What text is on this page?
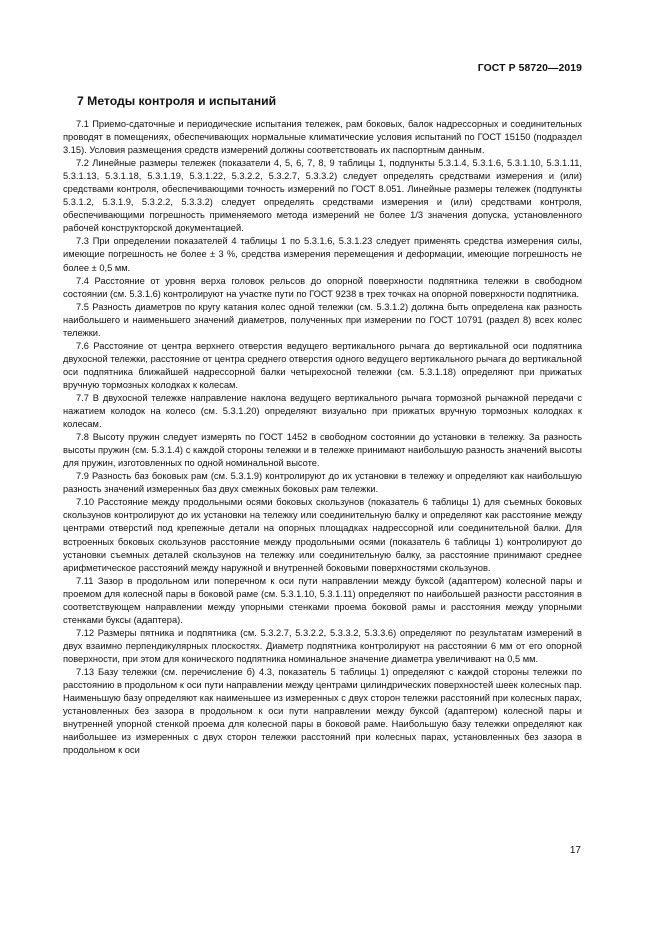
ГОСТ Р 58720—2019
7 Методы контроля и испытаний

7.1 Приемо-сдаточные и периодические испытания тележек, рам боковых, балок надрессорных и соединительных проводят в помещениях, обеспечивающих нормальные климатические условия испытаний по ГОСТ 15150 (подраздел 3.15). Условия размещения средств измерений должны соответствовать их паспортным данным.

7.2 Линейные размеры тележек (показатели 4, 5, 6, 7, 8, 9 таблицы 1, подпункты 5.3.1.4, 5.3.1.6, 5.3.1.10, 5.3.1.11, 5.3.1.13, 5.3.1.18, 5.3.1.19, 5.3.1.22, 5.3.2.2, 5.3.2.7, 5.3.3.2) следует определять средствами измерения и (или) средствами контроля, обеспечивающими точность измерений по ГОСТ 8.051. Линейные размеры тележек (подпункты 5.3.1.2, 5.3.1.9, 5.3.2.2, 5.3.3.2) следует определять средствами измерения и (или) средствами контроля, обеспечивающими погрешность применяемого метода измерений не более 1/3 значения допуска, установленного рабочей конструкторской документацией.

7.3 При определении показателей 4 таблицы 1 по 5.3.1.6, 5.3.1.23 следует применять средства измерения силы, имеющие погрешность не более ± 3 %, средства измерения перемещения и деформации, имеющие погрешность не более ± 0,5 мм.

7.4 Расстояние от уровня верха головок рельсов до опорной поверхности подпятника тележки в свободном состоянии (см. 5.3.1.6) контролируют на участке пути по ГОСТ 9238 в трех точках на опорной поверхности подпятника.

7.5 Разность диаметров по кругу катания колес одной тележки (см. 5.3.1.2) должна быть определена как разность наибольшего и наименьшего значений диаметров, полученных при измерении по ГОСТ 10791 (раздел 8) всех колес тележки.

7.6 Расстояние от центра верхнего отверстия ведущего вертикального рычага до вертикальной оси подпятника двухосной тележки, расстояние от центра среднего отверстия одного ведущего вертикального рычага до вертикальной оси подпятника ближайшей надрессорной балки четырехосной тележки (см. 5.3.1.18) определяют при прижатых вручную тормозных колодках к колесам.

7.7 В двухосной тележке направление наклона ведущего вертикального рычага тормозной рычажной передачи с нажатием колодок на колесо (см. 5.3.1.20) определяют визуально при прижатых вручную тормозных колодках к колесам.

7.8 Высоту пружин следует измерять по ГОСТ 1452 в свободном состоянии до установки в тележку. За разность высоты пружин (см. 5.3.1.4) с каждой стороны тележки и в тележке принимают наибольшую разность значений высоты для пружин, изготовленных по одной номинальной высоте.

7.9 Разность баз боковых рам (см. 5.3.1.9) контролируют до их установки в тележку и определяют как наибольшую разность значений измеренных баз двух смежных боковых рам тележки.

7.10 Расстояние между продольными осями боковых скользунов (показатель 6 таблицы 1) для съемных боковых скользунов контролируют до их установки на тележку или соединительную балку и определяют как расстояние между центрами отверстий под крепежные детали на опорных площадках надрессорной или соединительной балки. Для встроенных боковых скользунов расстояние между продольными осями (показатель 6 таблицы 1) контролируют до установки съемных деталей скользунов на тележку или соединительную балку, за расстояние принимают среднее арифметическое расстояний между наружной и внутренней боковыми поверхностями скользунов.

7.11 Зазор в продольном или поперечном к оси пути направлении между буксой (адаптером) колесной пары и проемом для колесной пары в боковой раме (см. 5.3.1.10, 5.3.1.11) определяют по наибольшей разности расстояния в соответствующем направлении между упорными стенками проема боковой рамы и расстояния между упорными стенками буксы (адаптера).

7.12 Размеры пятника и подпятника (см. 5.3.2.7, 5.3.2.2, 5.3.3.2, 5.3.3.6) определяют по результатам измерений в двух взаимно перпендикулярных плоскостях. Диаметр подпятника контролируют на расстоянии 6 мм от его опорной поверхности, при этом для конического подпятника номинальное значение диаметра увеличивают на 0,5 мм.

7.13 Базу тележки (см. перечисление б) 4.3, показатель 5 таблицы 1) определяют с каждой стороны тележки по расстоянию в продольном к оси пути направлении между центрами цилиндрических поверхностей шеек колесных пар. Наименьшую базу определяют как наименьшее из измеренных с двух сторон тележки расстояний при колесных парах, установленных без зазора в продольном к оси пути направлении между буксой (адаптером) колесной пары и внутренней упорной стенкой проема для колесной пары в боковой раме. Наибольшую базу тележки определяют как наибольшее из измеренных с двух сторон тележки расстояний при колесных парах, установленных без зазора в продольном к оси

17
